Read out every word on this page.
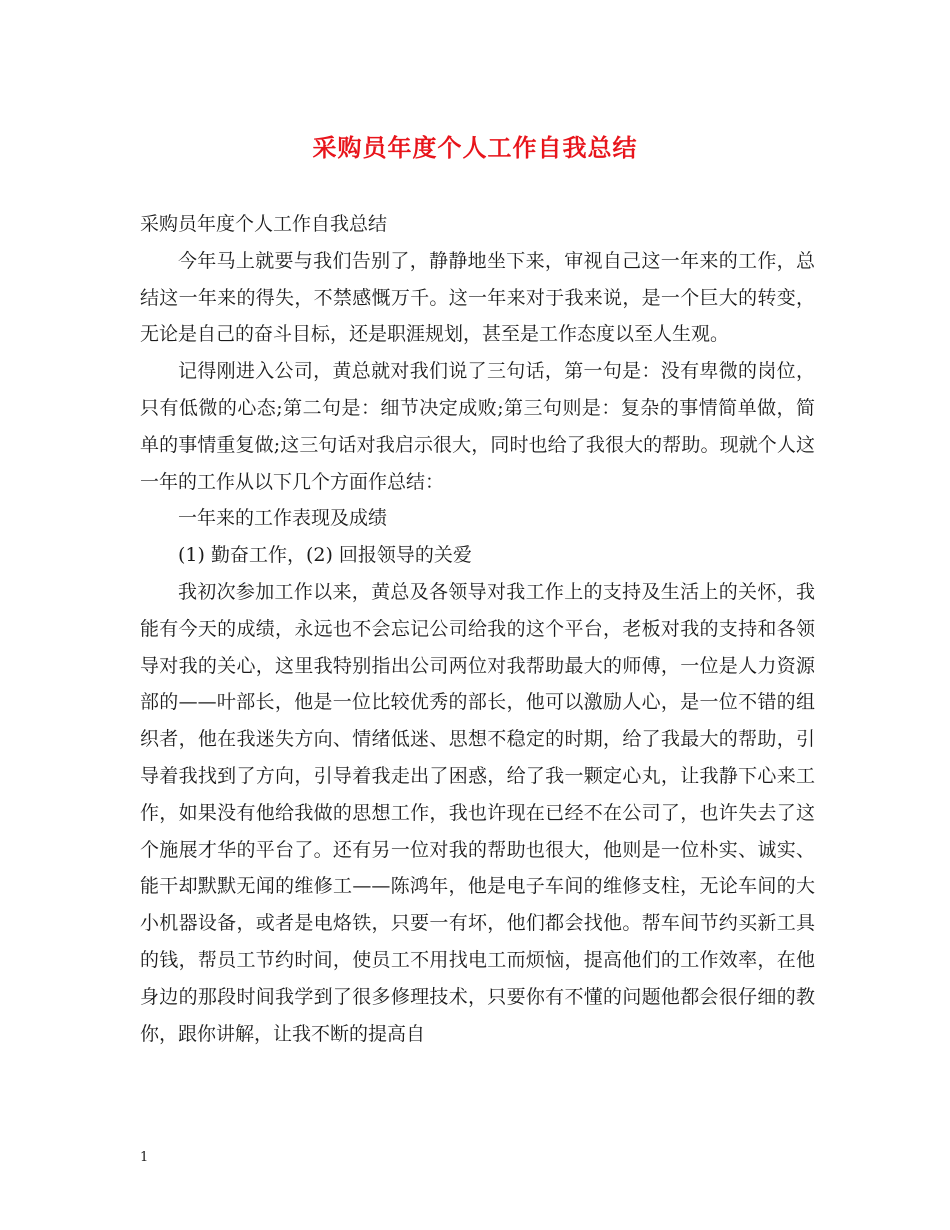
采购员年度个人工作自我总结

采购员年度个人工作自我总结

今年马上就要与我们告别了，静静地坐下来，审视自己这一年来的工作，总结这一年来的得失，不禁感慨万千。这一年来对于我来说，是一个巨大的转变，无论是自己的奋斗目标，还是职涯规划，甚至是工作态度以至人生观。

记得刚进入公司，黄总就对我们说了三句话，第一句是：没有卑微的岗位，只有低微的心态;第二句是：细节决定成败;第三句则是：复杂的事情简单做，简单的事情重复做;这三句话对我启示很大，同时也给了我很大的帮助。现就个人这一年的工作从以下几个方面作总结：

一年来的工作表现及成绩

(1) 勤奋工作，(2) 回报领导的关爱

我初次参加工作以来，黄总及各领导对我工作上的支持及生活上的关怀，我能有今天的成绩，永远也不会忘记公司给我的这个平台，老板对我的支持和各领导对我的关心，这里我特别指出公司两位对我帮助最大的师傅，一位是人力资源部的——叶部长，他是一位比较优秀的部长，他可以激励人心，是一位不错的组织者，他在我迷失方向、情绪低迷、思想不稳定的时期，给了我最大的帮助，引导着我找到了方向，引导着我走出了困惑，给了我一颗定心丸，让我静下心来工作，如果没有他给我做的思想工作，我也许现在已经不在公司了，也许失去了这个施展才华的平台了。还有另一位对我的帮助也很大，他则是一位朴实、诚实、能干却默默无闻的维修工——陈鸿年，他是电子车间的维修支柱，无论车间的大小机器设备，或者是电烙铁，只要一有坏，他们都会找他。帮车间节约买新工具的钱，帮员工节约时间，使员工不用找电工而烦恼，提高他们的工作效率，在他身边的那段时间我学到了很多修理技术，只要你有不懂的问题他都会很仔细的教你，跟你讲解，让我不断的提高自

1
